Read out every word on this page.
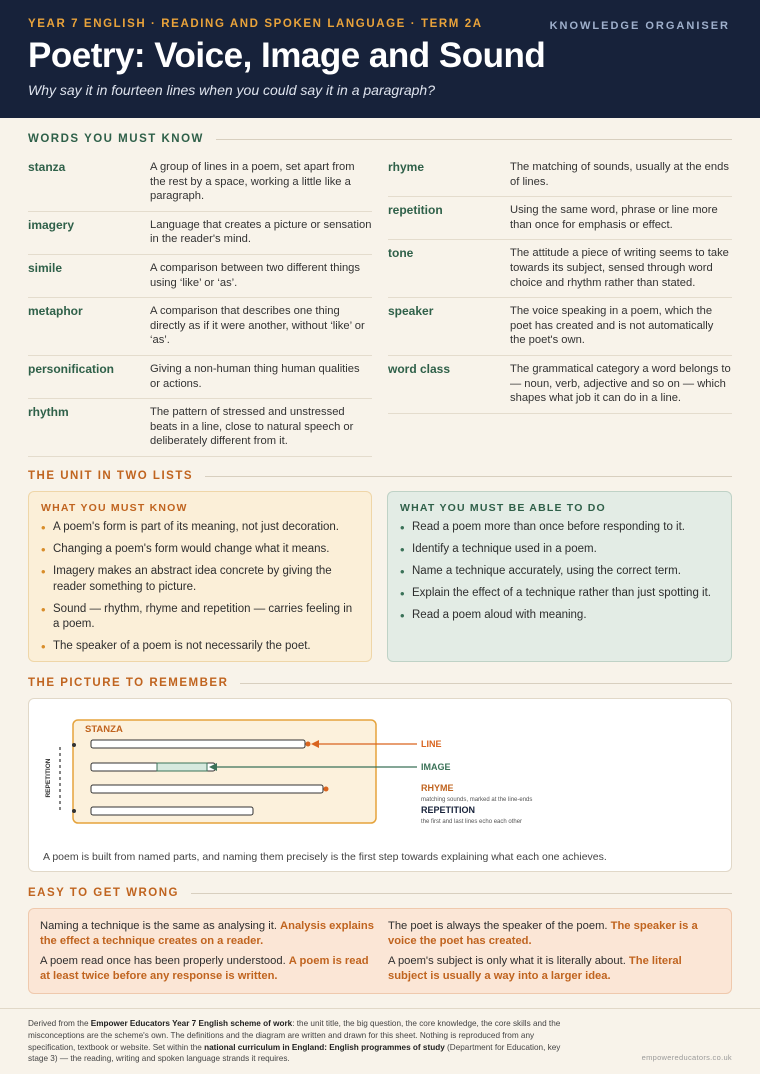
YEAR 7 ENGLISH · READING AND SPOKEN LANGUAGE · TERM 2A	KNOWLEDGE ORGANISER
Poetry: Voice, Image and Sound
Why say it in fourteen lines when you could say it in a paragraph?
WORDS YOU MUST KNOW
stanza	A group of lines in a poem, set apart from the rest by a space, working a little like a paragraph.
imagery	Language that creates a picture or sensation in the reader's mind.
simile	A comparison between two different things using ‘like’ or ‘as’.
metaphor	A comparison that describes one thing directly as if it were another, without ‘like’ or ‘as’.
personification	Giving a non-human thing human qualities or actions.
rhythm	The pattern of stressed and unstressed beats in a line, close to natural speech or deliberately different from it.
rhyme	The matching of sounds, usually at the ends of lines.
repetition	Using the same word, phrase or line more than once for emphasis or effect.
tone	The attitude a piece of writing seems to take towards its subject, sensed through word choice and rhythm rather than stated.
speaker	The voice speaking in a poem, which the poet has created and is not automatically the poet's own.
word class	The grammatical category a word belongs to — noun, verb, adjective and so on — which shapes what job it can do in a line.
THE UNIT IN TWO LISTS
WHAT YOU MUST KNOW
• A poem's form is part of its meaning, not just decoration.
• Changing a poem's form would change what it means.
• Imagery makes an abstract idea concrete by giving the reader something to picture.
• Sound — rhythm, rhyme and repetition — carries feeling in a poem.
• The speaker of a poem is not necessarily the poet.
WHAT YOU MUST BE ABLE TO DO
• Read a poem more than once before responding to it.
• Identify a technique used in a poem.
• Name a technique accurately, using the correct term.
• Explain the effect of a technique rather than just spotting it.
• Read a poem aloud with meaning.
THE PICTURE TO REMEMBER
STANZA
REPETITION
LINE
IMAGE
RHYME
matching sounds, marked at the line-ends
REPETITION
the first and last lines echo each other
A poem is built from named parts, and naming them precisely is the first step towards explaining what each one achieves.
EASY TO GET WRONG
Naming a technique is the same as analysing it. Analysis explains the effect a technique creates on a reader.
The poet is always the speaker of the poem. The speaker is a voice the poet has created.
A poem read once has been properly understood. A poem is read at least twice before any response is written.
A poem's subject is only what it is literally about. The literal subject is usually a way into a larger idea.
Derived from the Empower Educators Year 7 English scheme of work: the unit title, the big question, the core knowledge, the core skills and the misconceptions are the scheme's own. The definitions and the diagram are written and drawn for this sheet. Nothing is reproduced from any specification, textbook or website. Set within the national curriculum in England: English programmes of study (Department for Education, key stage 3) — the reading, writing and spoken language strands it requires.	empowereducators.co.uk
